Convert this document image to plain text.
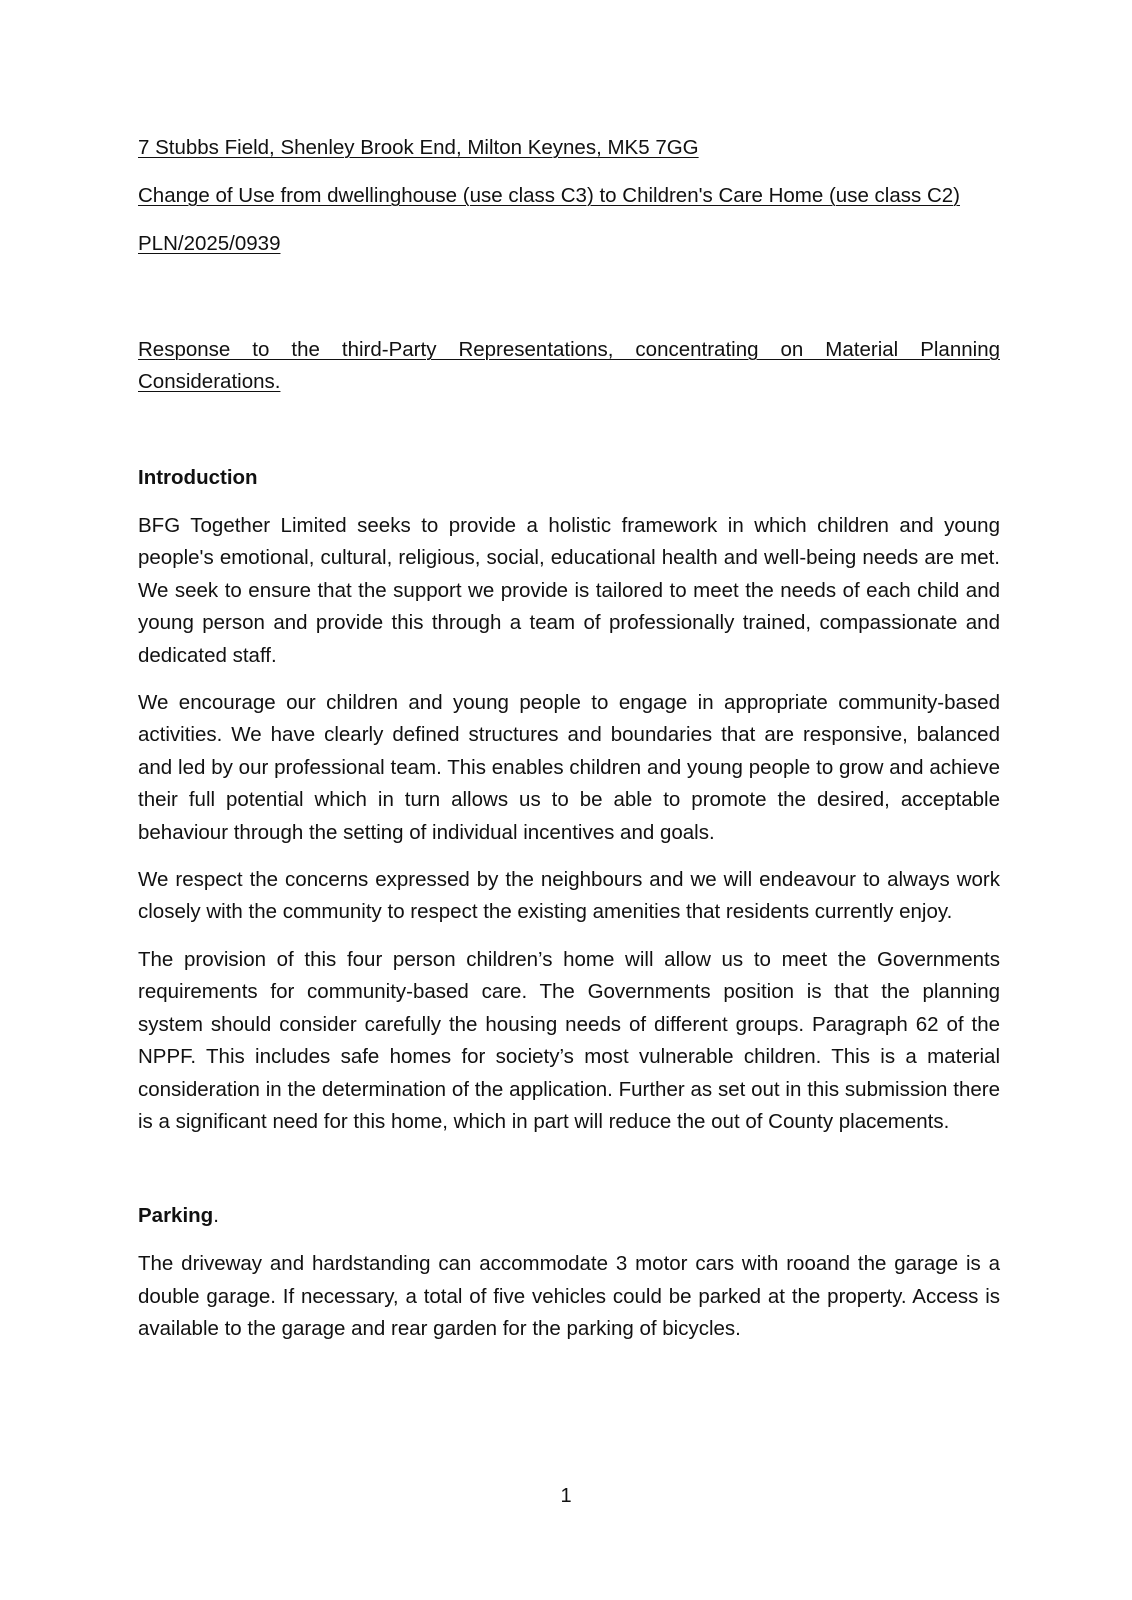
7 Stubbs Field, Shenley Brook End, Milton Keynes, MK5 7GG

Change of Use from dwellinghouse (use class C3) to Children's Care Home (use class C2)

PLN/2025/0939

Response to the third-Party Representations, concentrating on Material Planning Considerations.

Introduction

BFG Together Limited seeks to provide a holistic framework in which children and young people's emotional, cultural, religious, social, educational health and well-being needs are met. We seek to ensure that the support we provide is tailored to meet the needs of each child and young person and provide this through a team of professionally trained, compassionate and dedicated staff.

We encourage our children and young people to engage in appropriate community-based activities. We have clearly defined structures and boundaries that are responsive, balanced and led by our professional team. This enables children and young people to grow and achieve their full potential which in turn allows us to be able to promote the desired, acceptable behaviour through the setting of individual incentives and goals.

We respect the concerns expressed by the neighbours and we will endeavour to always work closely with the community to respect the existing amenities that residents currently enjoy.

The provision of this four person children’s home will allow us to meet the Governments requirements for community-based care. The Governments position is that the planning system should consider carefully the housing needs of different groups. Paragraph 62 of the NPPF. This includes safe homes for society’s most vulnerable children. This is a material consideration in the determination of the application. Further as set out in this submission there is a significant need for this home, which in part will reduce the out of County placements.

Parking.

The driveway and hardstanding can accommodate 3 motor cars with rooand the garage is a double garage. If necessary, a total of five vehicles could be parked at the property. Access is available to the garage and rear garden for the parking of bicycles.

1
